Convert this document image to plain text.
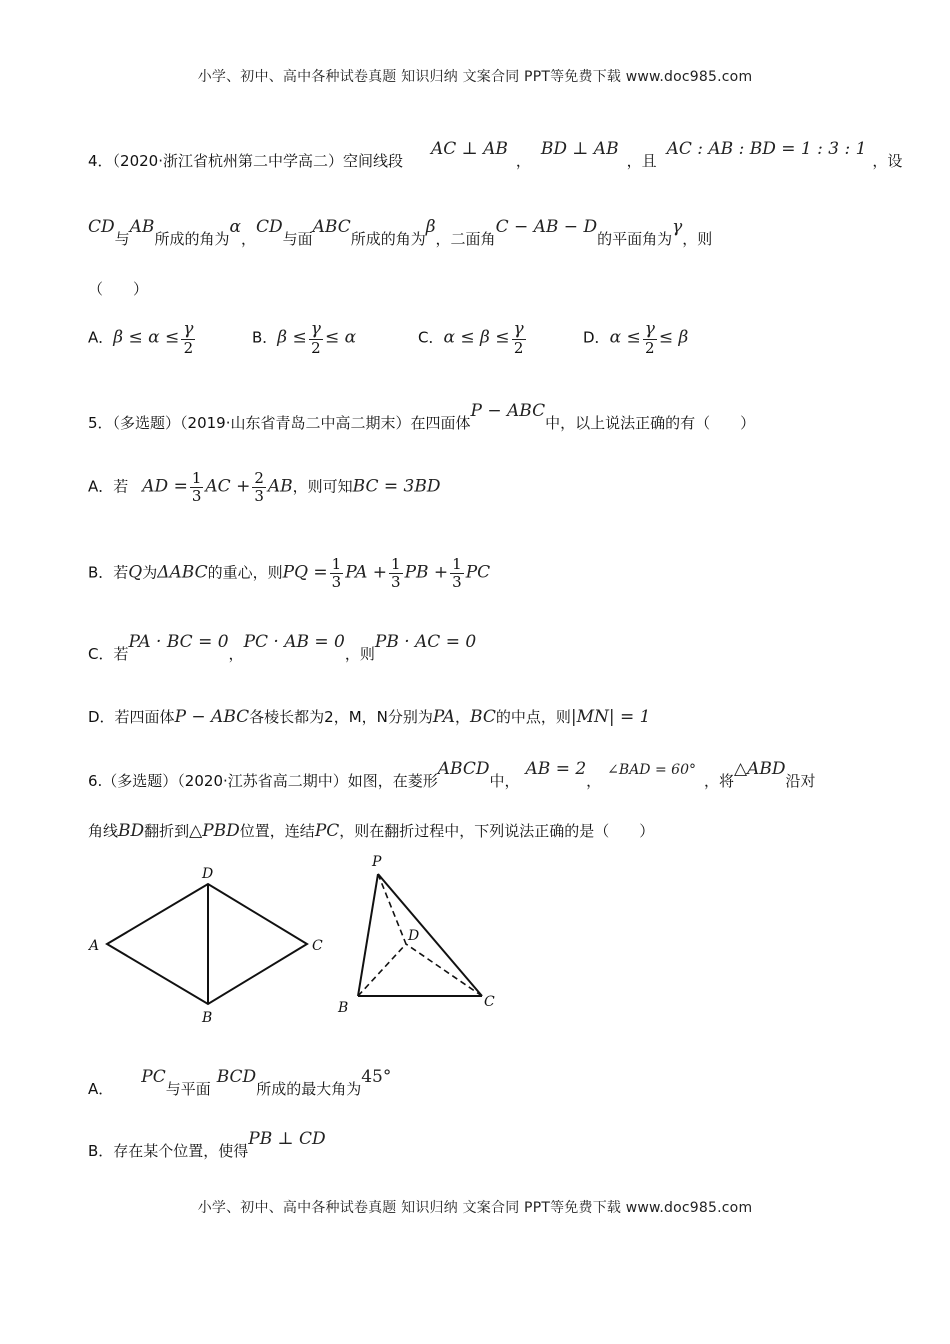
小学、初中、高中各种试卷真题 知识归纳 文案合同 PPT等免费下载 www.doc985.com
4．（2020·浙江省杭州第二中学高二）空间线段AC ⊥ AB，BD ⊥ AB，且AC : AB : BD = 1 : 3 : 1，设
CD与AB所成的角为α，CD与面ABC所成的角为β，二面角C − AB − D的平面角为γ，则
（　　）
A．$\beta \le \alpha \le \frac{\gamma}{2}$	B．$\beta \le \frac{\gamma}{2} \le \alpha$	C．$\alpha \le \beta \le \frac{\gamma}{2}$	D．$\alpha \le \frac{\gamma}{2} \le \beta$
5．（多选题）（2019·山东省青岛二中高二期末）在四面体P − ABC中，以上说法正确的有（　　）
A．若 AD = $\frac{1}{3}$ AC + $\frac{2}{3}$ AB，则可知BC = 3BD
B．若Q为ΔABC的重心，则PQ = $\frac{1}{3}$ PA + $\frac{1}{3}$ PB + $\frac{1}{3}$ PC
C．若PA · BC = 0，PC · AB = 0，则PB · AC = 0
D．若四面体P − ABC各棱长都为2，M，N分别为PA，BC的中点，则|MN| = 1
6.（多选题）（2020·江苏省高二期中）如图，在菱形ABCD中，AB = 2，∠BAD = 60°，将△ABD沿对
角线BD翻折到△PBD位置，连结PC，则在翻折过程中，下列说法正确的是（　　）
A
D
C
B
P
D
B	C
A．PC与平面BCD所成的最大角为45°
B．存在某个位置，使得PB ⊥ CD
小学、初中、高中各种试卷真题 知识归纳 文案合同 PPT等免费下载 www.doc985.com
